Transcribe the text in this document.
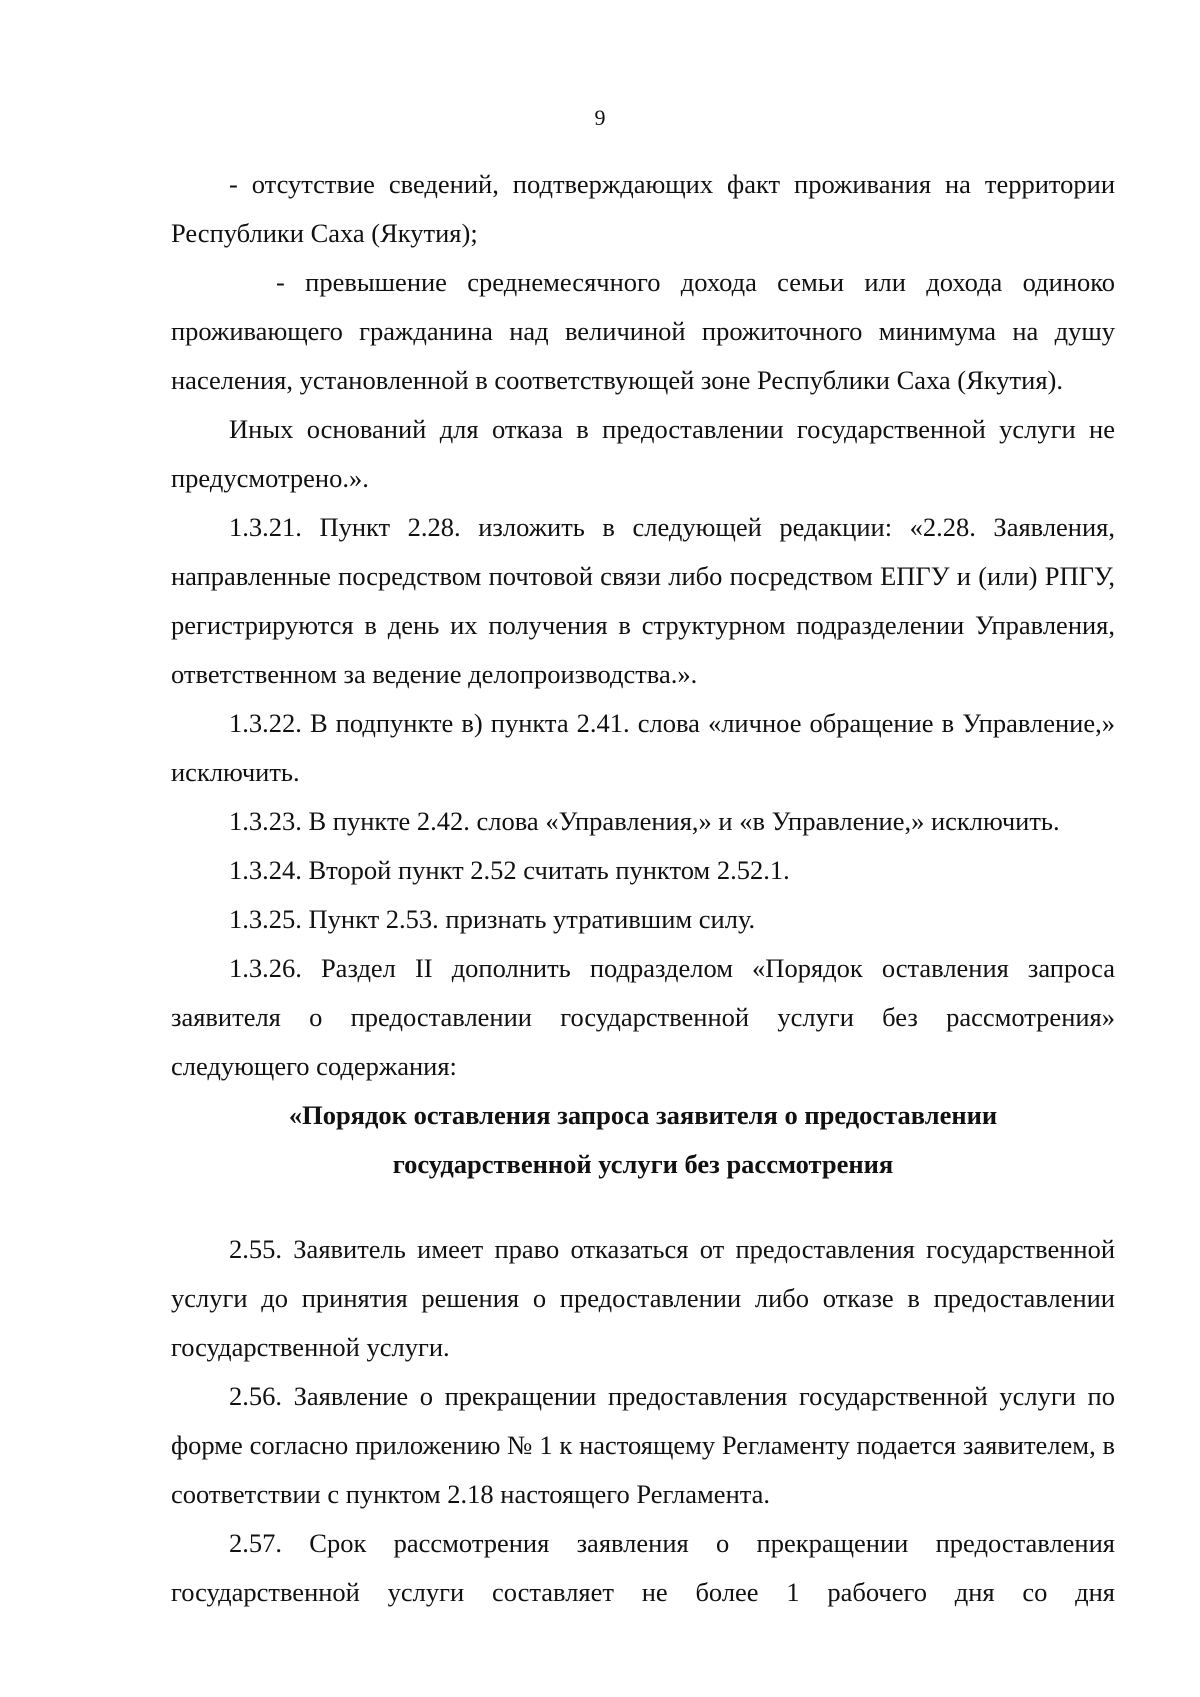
9

- отсутствие сведений, подтверждающих факт проживания на территории Республики Саха (Якутия);

- превышение среднемесячного дохода семьи или дохода одиноко проживающего гражданина над величиной прожиточного минимума на душу населения, установленной в соответствующей зоне Республики Саха (Якутия).

Иных оснований для отказа в предоставлении государственной услуги не предусмотрено.».

1.3.21. Пункт 2.28. изложить в следующей редакции: «2.28. Заявления, направленные посредством почтовой связи либо посредством ЕПГУ и (или) РПГУ, регистрируются в день их получения в структурном подразделении Управления, ответственном за ведение делопроизводства.».

1.3.22. В подпункте в) пункта 2.41. слова «личное обращение в Управление,» исключить.

1.3.23. В пункте 2.42. слова «Управления,» и «в Управление,» исключить.

1.3.24. Второй пункт 2.52 считать пунктом 2.52.1.

1.3.25. Пункт 2.53. признать утратившим силу.

1.3.26. Раздел II дополнить подразделом «Порядок оставления запроса заявителя о предоставлении государственной услуги без рассмотрения» следующего содержания:

«Порядок оставления запроса заявителя о предоставлении
государственной услуги без рассмотрения

2.55. Заявитель имеет право отказаться от предоставления государственной услуги до принятия решения о предоставлении либо отказе в предоставлении государственной услуги.

2.56. Заявление о прекращении предоставления государственной услуги по форме согласно приложению № 1 к настоящему Регламенту подается заявителем, в соответствии с пунктом 2.18 настоящего Регламента.

2.57. Срок рассмотрения заявления о прекращении предоставления государственной услуги составляет не более 1 рабочего дня со дня
